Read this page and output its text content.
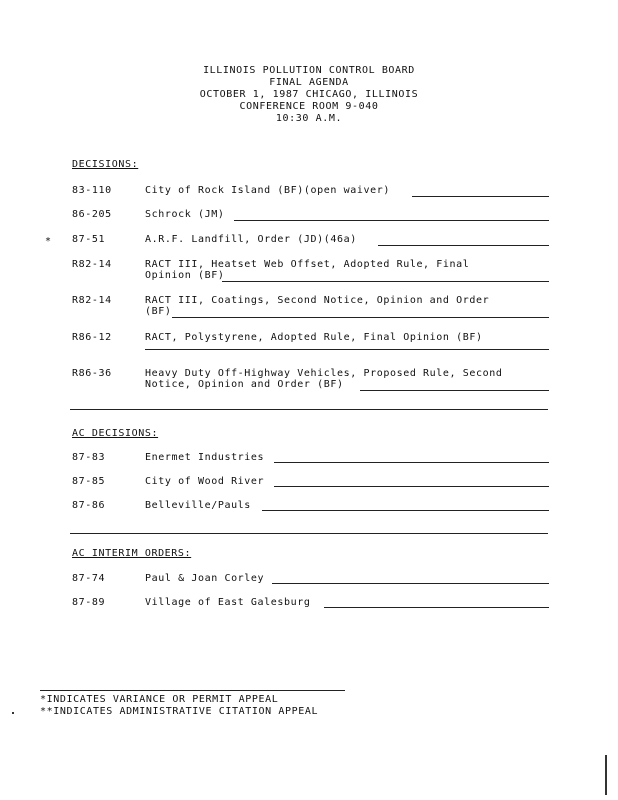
ILLINOIS POLLUTION CONTROL BOARD
FINAL AGENDA
OCTOBER 1, 1987 CHICAGO, ILLINOIS
CONFERENCE ROOM 9-040
10:30 A.M.
DECISIONS:
83-110	City of Rock Island (BF)(open waiver)
86-205	Schrock (JM)
* 87-51	A.R.F. Landfill, Order (JD)(46a)
R82-14	RACT III, Heatset Web Offset, Adopted Rule, Final
Opinion (BF)
R82-14	RACT III, Coatings, Second Notice, Opinion and Order
(BF)
R86-12	RACT, Polystyrene, Adopted Rule, Final Opinion (BF)
R86-36	Heavy Duty Off-Highway Vehicles, Proposed Rule, Second
Notice, Opinion and Order (BF)
AC DECISIONS:
87-83	Enermet Industries
87-85	City of Wood River
87-86	Belleville/Pauls
AC INTERIM ORDERS:
87-74	Paul & Joan Corley
87-89	Village of East Galesburg
*INDICATES VARIANCE OR PERMIT APPEAL
**INDICATES ADMINISTRATIVE CITATION APPEAL
